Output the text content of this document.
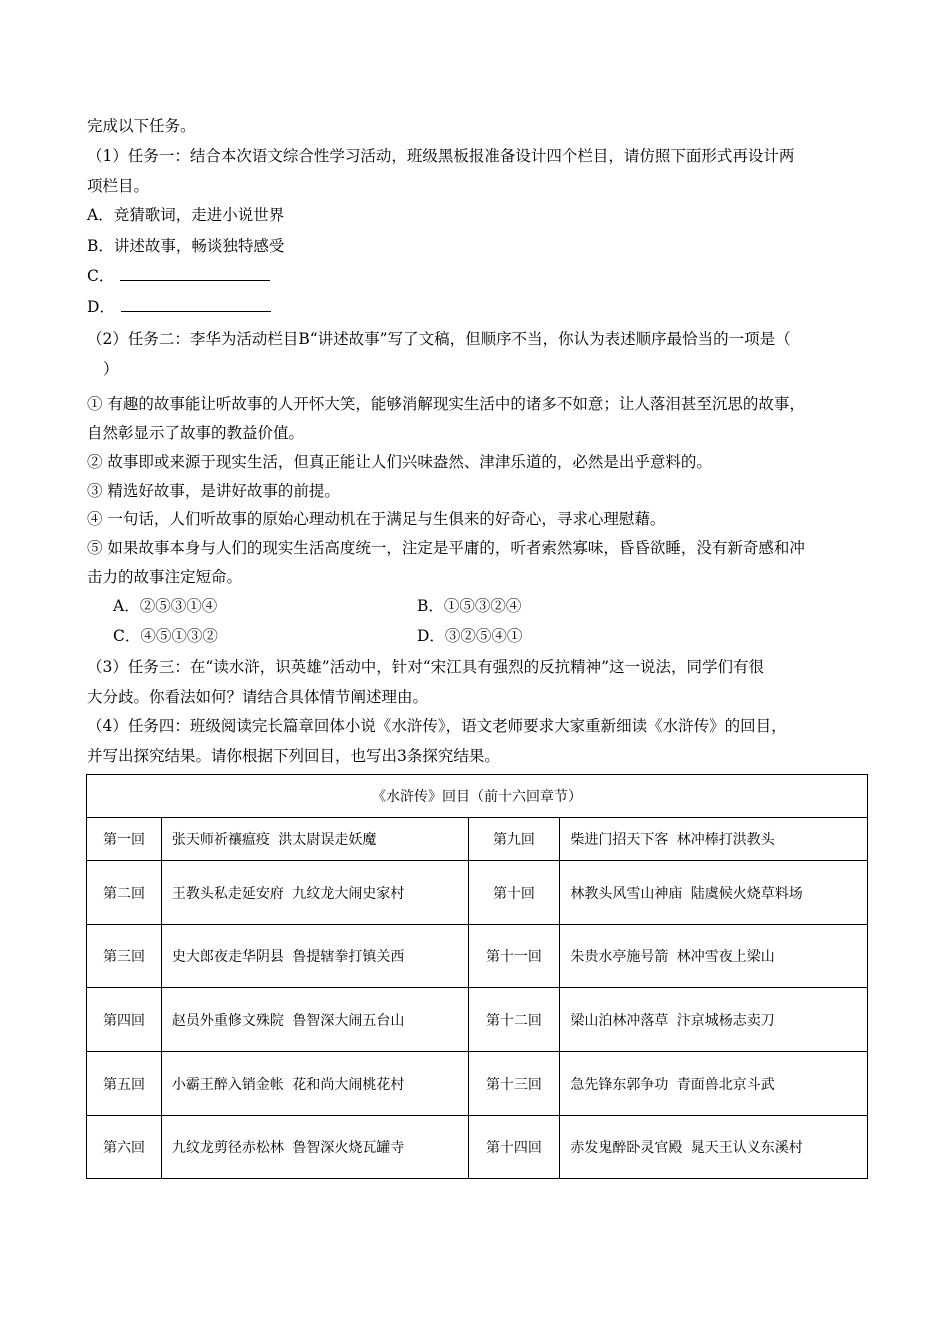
完成以下任务。
（1）任务一：结合本次语文综合性学习活动，班级黑板报准备设计四个栏目，请仿照下面形式再设计两
项栏目。
A．竞猜歌词，走进小说世界
B．讲述故事，畅谈独特感受
C．
D．
（2）任务二：李华为活动栏目B“讲述故事”写了文稿，但顺序不当，你认为表述顺序最恰当的一项是（
）
① 有趣的故事能让听故事的人开怀大笑，能够消解现实生活中的诸多不如意；让人落泪甚至沉思的故事，
自然彰显示了故事的教益价值。
② 故事即或来源于现实生活，但真正能让人们兴味盎然、津津乐道的，必然是出乎意料的。
③ 精选好故事，是讲好故事的前提。
④ 一句话，人们听故事的原始心理动机在于满足与生俱来的好奇心，寻求心理慰藉。
⑤ 如果故事本身与人们的现实生活高度统一，注定是平庸的，听者索然寡味，昏昏欲睡，没有新奇感和冲
击力的故事注定短命。
A．②⑤③①④	B．①⑤③②④
C．④⑤①③②	D．③②⑤④①
（3）任务三：在“读水浒，识英雄”活动中，针对“宋江具有强烈的反抗精神”这一说法，同学们有很
大分歧。你看法如何？请结合具体情节阐述理由。
（4）任务四：班级阅读完长篇章回体小说《水浒传》，语文老师要求大家重新细读《水浒传》的回目，
并写出探究结果。请你根据下列回目，也写出3条探究结果。
《水浒传》回目（前十六回章节）			
第一回	张天师祈禳瘟疫 洪太尉误走妖魔	第九回	柴进门招天下客 林冲棒打洪教头
第二回	王教头私走延安府 九纹龙大闹史家村	第十回	林教头风雪山神庙 陆虞候火烧草料场
第三回	史大郎夜走华阴县 鲁提辖拳打镇关西	第十一回	朱贵水亭施号箭 林冲雪夜上梁山
第四回	赵员外重修文殊院 鲁智深大闹五台山	第十二回	梁山泊林冲落草 汴京城杨志卖刀
第五回	小霸王醉入销金帐 花和尚大闹桃花村	第十三回	急先锋东郭争功 青面兽北京斗武
第六回	九纹龙剪径赤松林 鲁智深火烧瓦罐寺	第十四回	赤发鬼醉卧灵官殿 晁天王认义东溪村
